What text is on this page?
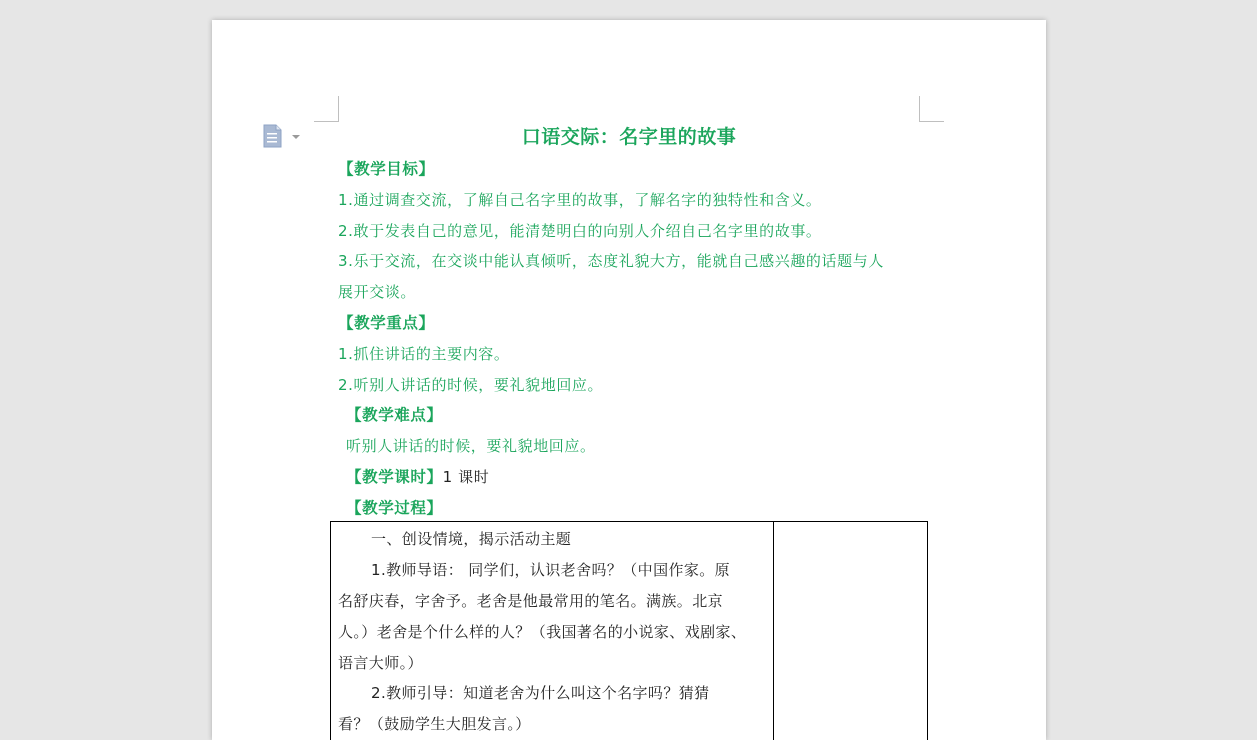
口语交际：名字里的故事
【教学目标】
1.通过调查交流，了解自己名字里的故事，了解名字的独特性和含义。
2.敢于发表自己的意见，能清楚明白的向别人介绍自己名字里的故事。
3.乐于交流，在交谈中能认真倾听，态度礼貌大方，能就自己感兴趣的话题与人
展开交谈。
【教学重点】
1.抓住讲话的主要内容。
2.听别人讲话的时候，要礼貌地回应。
【教学难点】
听别人讲话的时候，要礼貌地回应。
【教学课时】1 课时
【教学过程】
一、创设情境，揭示活动主题
1.教师导语： 同学们，认识老舍吗？（中国作家。原
名舒庆春，字舍予。老舍是他最常用的笔名。满族。北京
人。）老舍是个什么样的人？（我国著名的小说家、戏剧家、
语言大师。）
2.教师引导：知道老舍为什么叫这个名字吗？猜猜
看？（鼓励学生大胆发言。）
